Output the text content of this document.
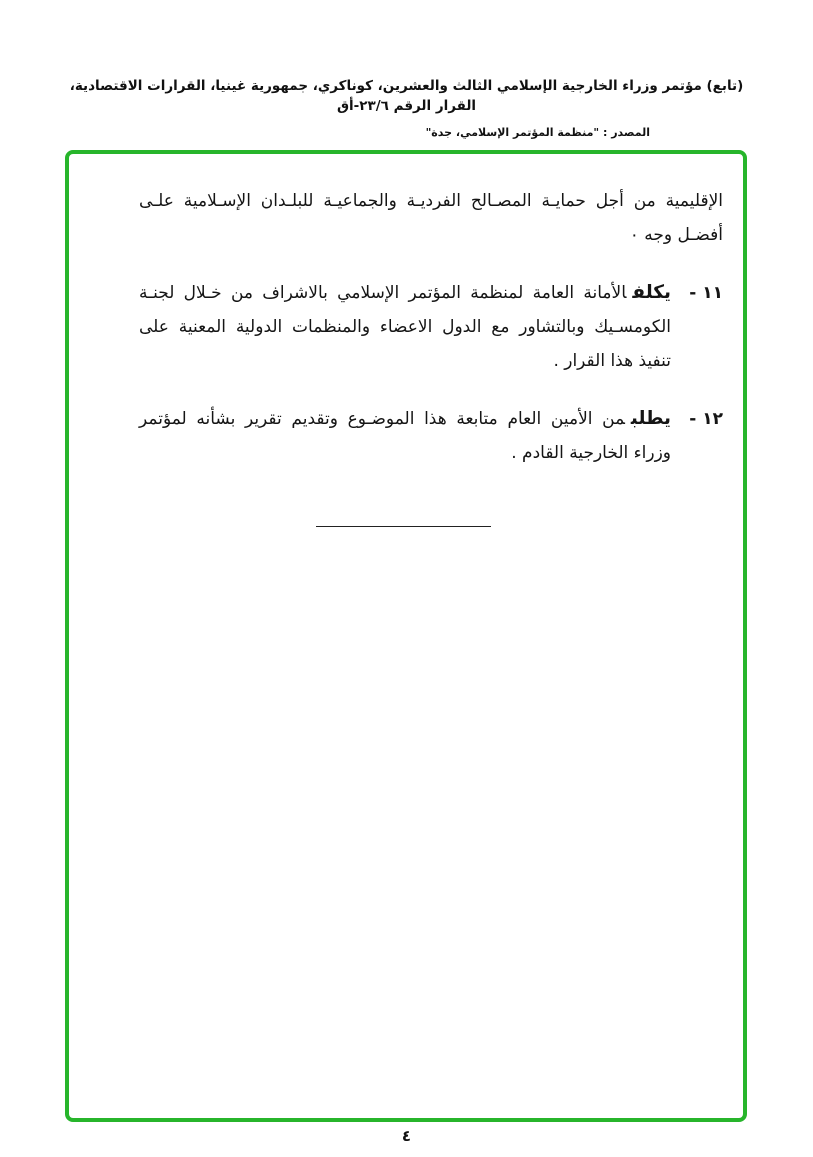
(تابع) مؤتمر وزراء الخارجية الإسلامي الثالث والعشرين، كوناكري، جمهورية غينيا، القرارات الاقتصادية، القرار الرقم ٢٣/٦-أق
المصدر : "منظمة المؤتمر الإسلامي، جدة"

الإقليمية من أجل حمايـة المصـالح الفرديـة والجماعيـة للبلـدان الإسـلامية علـى أفضـل وجه ٠

١١ -
يكلفالأمانة العامة لمنظمة المؤتمر الإسلامي بالاشراف من خـلال لجنـة الكومسـيك وبالتشاور مع الدول الاعضاء والمنظمات الدولية المعنية على تنفيذ هذا القرار .
١٢ -
يطلبمن الأمين العام متابعة هذا الموضـوع وتقديم تقرير بشأنه لمؤتمر وزراء الخارجية القادم .
٤
